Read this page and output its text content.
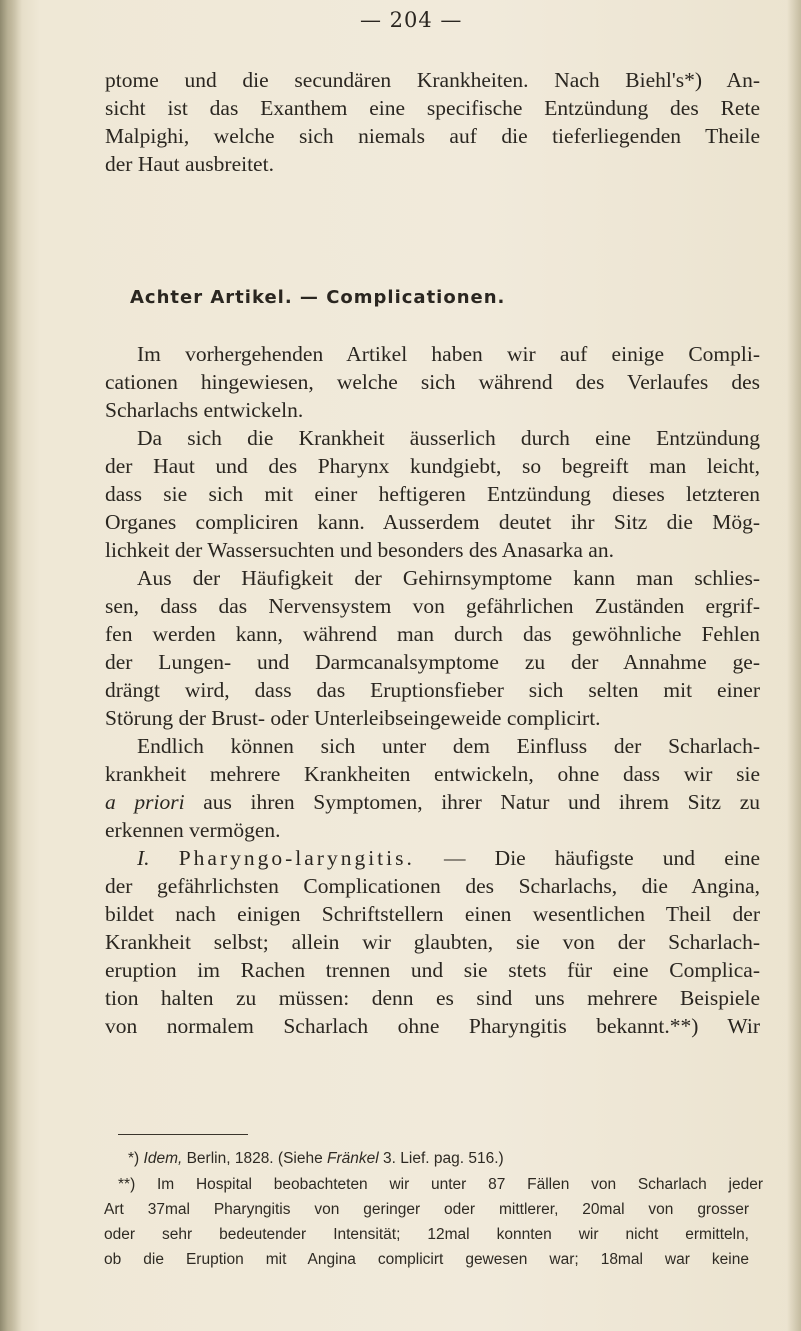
— 204 —
ptome und die secundären Krankheiten. Nach Biehl's*) An-
sicht ist das Exanthem eine specifische Entzündung des Rete
Malpighi, welche sich niemals auf die tieferliegenden Theile
der Haut ausbreitet.
Im vorhergehenden Artikel haben wir auf einige Compli-
cationen hingewiesen, welche sich während des Verlaufes des
Scharlachs entwickeln.
Da sich die Krankheit äusserlich durch eine Entzündung
der Haut und des Pharynx kundgiebt, so begreift man leicht,
dass sie sich mit einer heftigeren Entzündung dieses letzteren
Organes compliciren kann. Ausserdem deutet ihr Sitz die Mög-
lichkeit der Wassersuchten und besonders des Anasarka an.
Aus der Häufigkeit der Gehirnsymptome kann man schlies-
sen, dass das Nervensystem von gefährlichen Zuständen ergrif-
fen werden kann, während man durch das gewöhnliche Fehlen
der Lungen- und Darmcanalsymptome zu der Annahme ge-
drängt wird, dass das Eruptionsfieber sich selten mit einer
Störung der Brust- oder Unterleibseingeweide complicirt.
Endlich können sich unter dem Einfluss der Scharlach-
krankheit mehrere Krankheiten entwickeln, ohne dass wir sie
a priori aus ihren Symptomen, ihrer Natur und ihrem Sitz zu
erkennen vermögen.
I. Pharyngo-laryngitis. — Die häufigste und eine
der gefährlichsten Complicationen des Scharlachs, die Angina,
bildet nach einigen Schriftstellern einen wesentlichen Theil der
Krankheit selbst; allein wir glaubten, sie von der Scharlach-
eruption im Rachen trennen und sie stets für eine Complica-
tion halten zu müssen: denn es sind uns mehrere Beispiele
von normalem Scharlach ohne Pharyngitis bekannt.**) Wir
Achter Artikel. — Complicationen.
*) Idem, Berlin, 1828. (Siehe Fränkel 3. Lief. pag. 516.)
**) Im Hospital beobachteten wir unter 87 Fällen von Scharlach jeder
Art 37mal Pharyngitis von geringer oder mittlerer, 20mal von grosser
oder sehr bedeutender Intensität; 12mal konnten wir nicht ermitteln,
ob die Eruption mit Angina complicirt gewesen war; 18mal war keine
